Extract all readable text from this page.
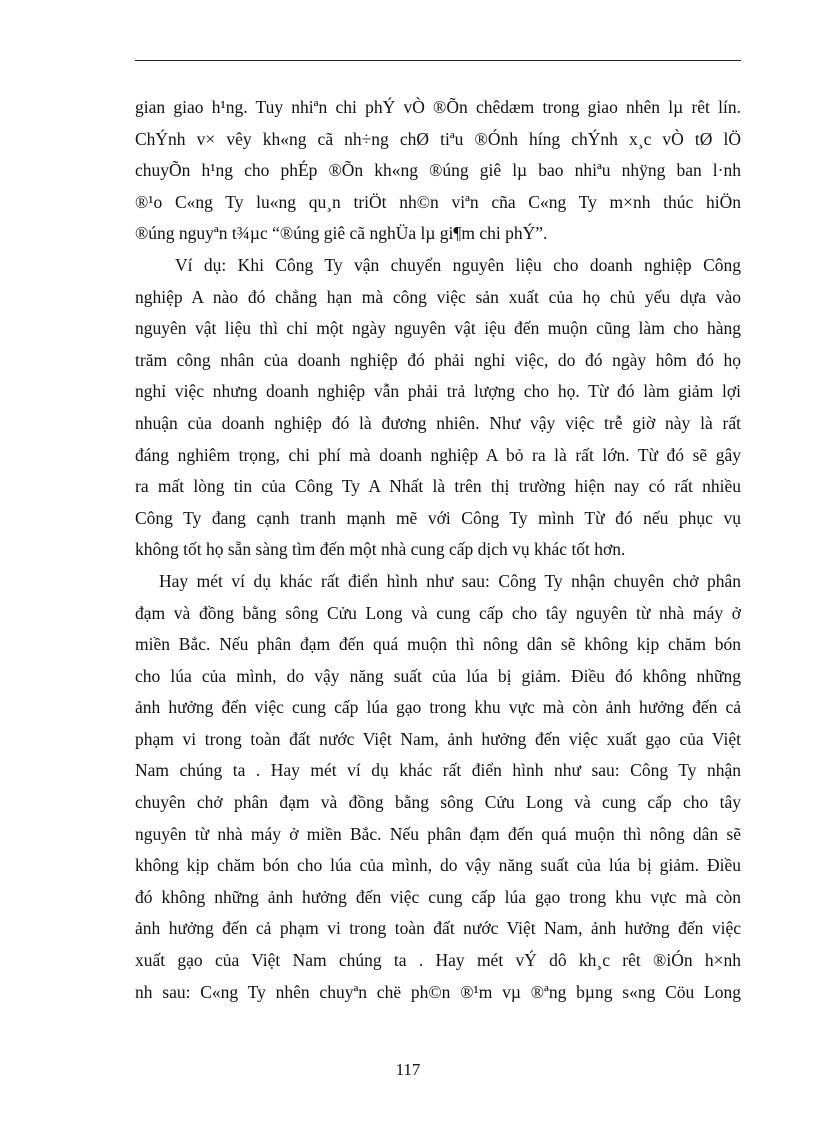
gian giao h¹ng. Tuy nhiªn chi phÝ vÒ ®Õn chêdæm trong giao nhên lµ rêt lín.
ChÝnh v× vêy kh«ng cã nh÷ng chØ tiªu ®Ónh híng chÝnh x¸c vÒ tØ lÖ
chuyÕn h¹ng cho phÉp ®Õn kh«ng ®úng giê lµ bao nhiªu nhÿng ban l·nh
®¹o C«ng Ty lu«ng qu¸n triÖt nh©n viªn cña C«ng Ty m×nh thúc hiÖn
®úng nguyªn t¾µc “®úng giê cã nghÜa lµ gi¶m chi phÝ”.
Ví dụ: Khi Công Ty vận chuyển nguyên liệu cho doanh nghiệp Công
nghiệp A nào đó chẳng hạn mà công việc sản xuất của họ chủ yếu dựa vào
nguyên vật liệu thì chỉ một ngày nguyên vật iệu đến muộn cũng làm cho hàng
trăm công nhân của doanh nghiệp đó phải nghỉ việc, do đó ngày hôm đó họ
nghỉ việc nhưng doanh nghiệp vẫn phải trả lượng cho họ. Từ đó làm giảm lợi
nhuận của doanh nghiệp đó là đương nhiên. Như vậy việc trễ giờ này là rất
đáng nghiêm trọng, chi phí mà doanh nghiệp A bỏ ra là rất lớn. Từ đó sẽ gây
ra mất lòng tin của Công Ty A Nhất là trên thị trường hiện nay có rất nhiều
Công Ty đang cạnh tranh mạnh mẽ với Công Ty mình Từ đó nếu phục vụ
không tốt họ sẵn sàng tìm đến một nhà cung cấp dịch vụ khác tốt hơn.
Hay mét ví dụ khác rất điển hình như sau: Công Ty nhận chuyên chở phân
đạm và đồng bằng sông Cửu Long và cung cấp cho tây nguyên từ nhà máy ở
miền Bắc. Nếu phân đạm đến quá muộn thì nông dân sẽ không kịp chăm bón
cho lúa của mình, do vậy năng suất của lúa bị giảm. Điều đó không những
ảnh hưởng đến việc cung cấp lúa gạo trong khu vực mà còn ảnh hưởng đến cả
phạm vi trong toàn đất nước Việt Nam, ảnh hưởng đến việc xuất gạo của Việt
Nam chúng ta . Hay mét ví dụ khác rất điển hình như sau: Công Ty nhận
chuyên chở phân đạm và đồng bằng sông Cửu Long và cung cấp cho tây
nguyên từ nhà máy ở miền Bắc. Nếu phân đạm đến quá muộn thì nông dân sẽ
không kịp chăm bón cho lúa của mình, do vậy năng suất của lúa bị giảm. Điều
đó không những ảnh hưởng đến việc cung cấp lúa gạo trong khu vực mà còn
ảnh hưởng đến cả phạm vi trong toàn đất nước Việt Nam, ảnh hưởng đến việc
xuất gạo của Việt Nam chúng ta . Hay mét vÝ dô kh¸c rêt ®iÓn h×nh
nh sau: C«ng Ty nhên chuyªn chë ph©n ®¹m vµ ®ªng bµng s«ng Cöu Long
117
